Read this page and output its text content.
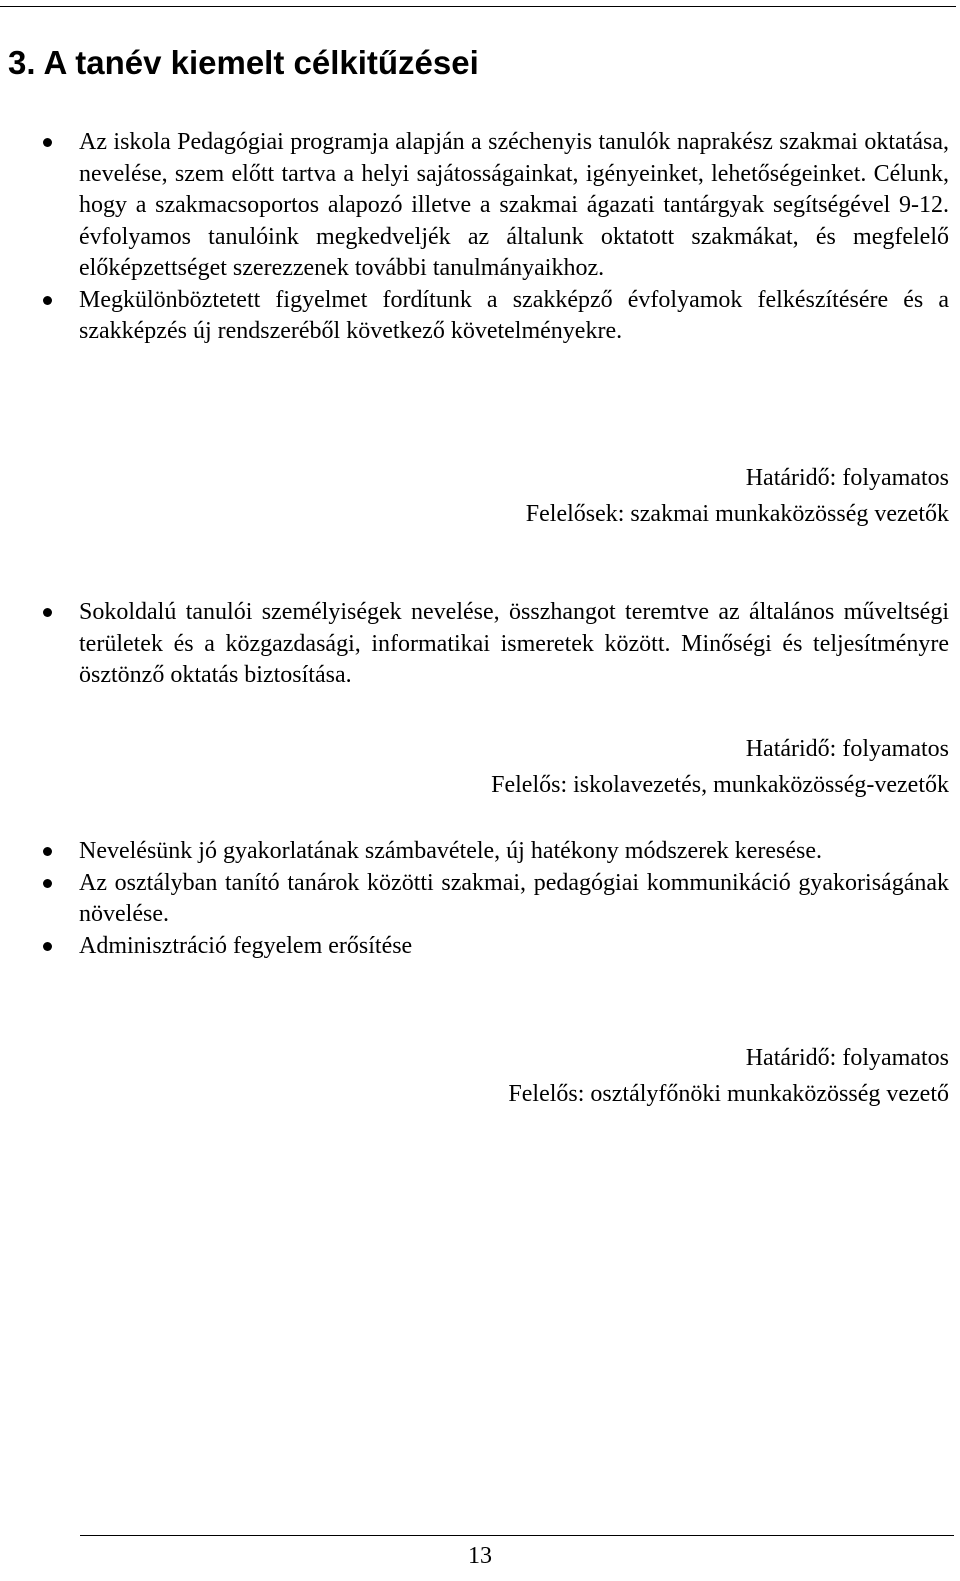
3. A tanév kiemelt célkitűzései
Az iskola Pedagógiai programja alapján a széchenyis tanulók naprakész szakmai oktatása, nevelése, szem előtt tartva a helyi sajátosságainkat, igényeinket, lehetőségeinket. Célunk, hogy a szakmacsoportos alapozó illetve a szakmai ágazati tantárgyak segítségével 9-12. évfolyamos tanulóink megkedveljék az általunk oktatott szakmákat, és megfelelő előképzettséget szerezzenek további tanulmányaikhoz.
Megkülönböztetett figyelmet fordítunk a szakképző évfolyamok felkészítésére és a szakképzés új rendszeréből következő követelményekre.
Határidő: folyamatos
Felelősek: szakmai munkaközösség vezetők
Sokoldalú tanulói személyiségek nevelése, összhangot teremtve az általános műveltségi területek és a közgazdasági, informatikai ismeretek között. Minőségi és teljesítményre ösztönző oktatás biztosítása.
Határidő: folyamatos
Felelős: iskolavezetés, munkaközösség-vezetők
Nevelésünk jó gyakorlatának számbavétele, új hatékony módszerek keresése.
Az osztályban tanító tanárok közötti szakmai, pedagógiai kommunikáció gyakoriságának növelése.
Adminisztráció fegyelem erősítése
Határidő: folyamatos
Felelős: osztályfőnöki munkaközösség vezető
13
